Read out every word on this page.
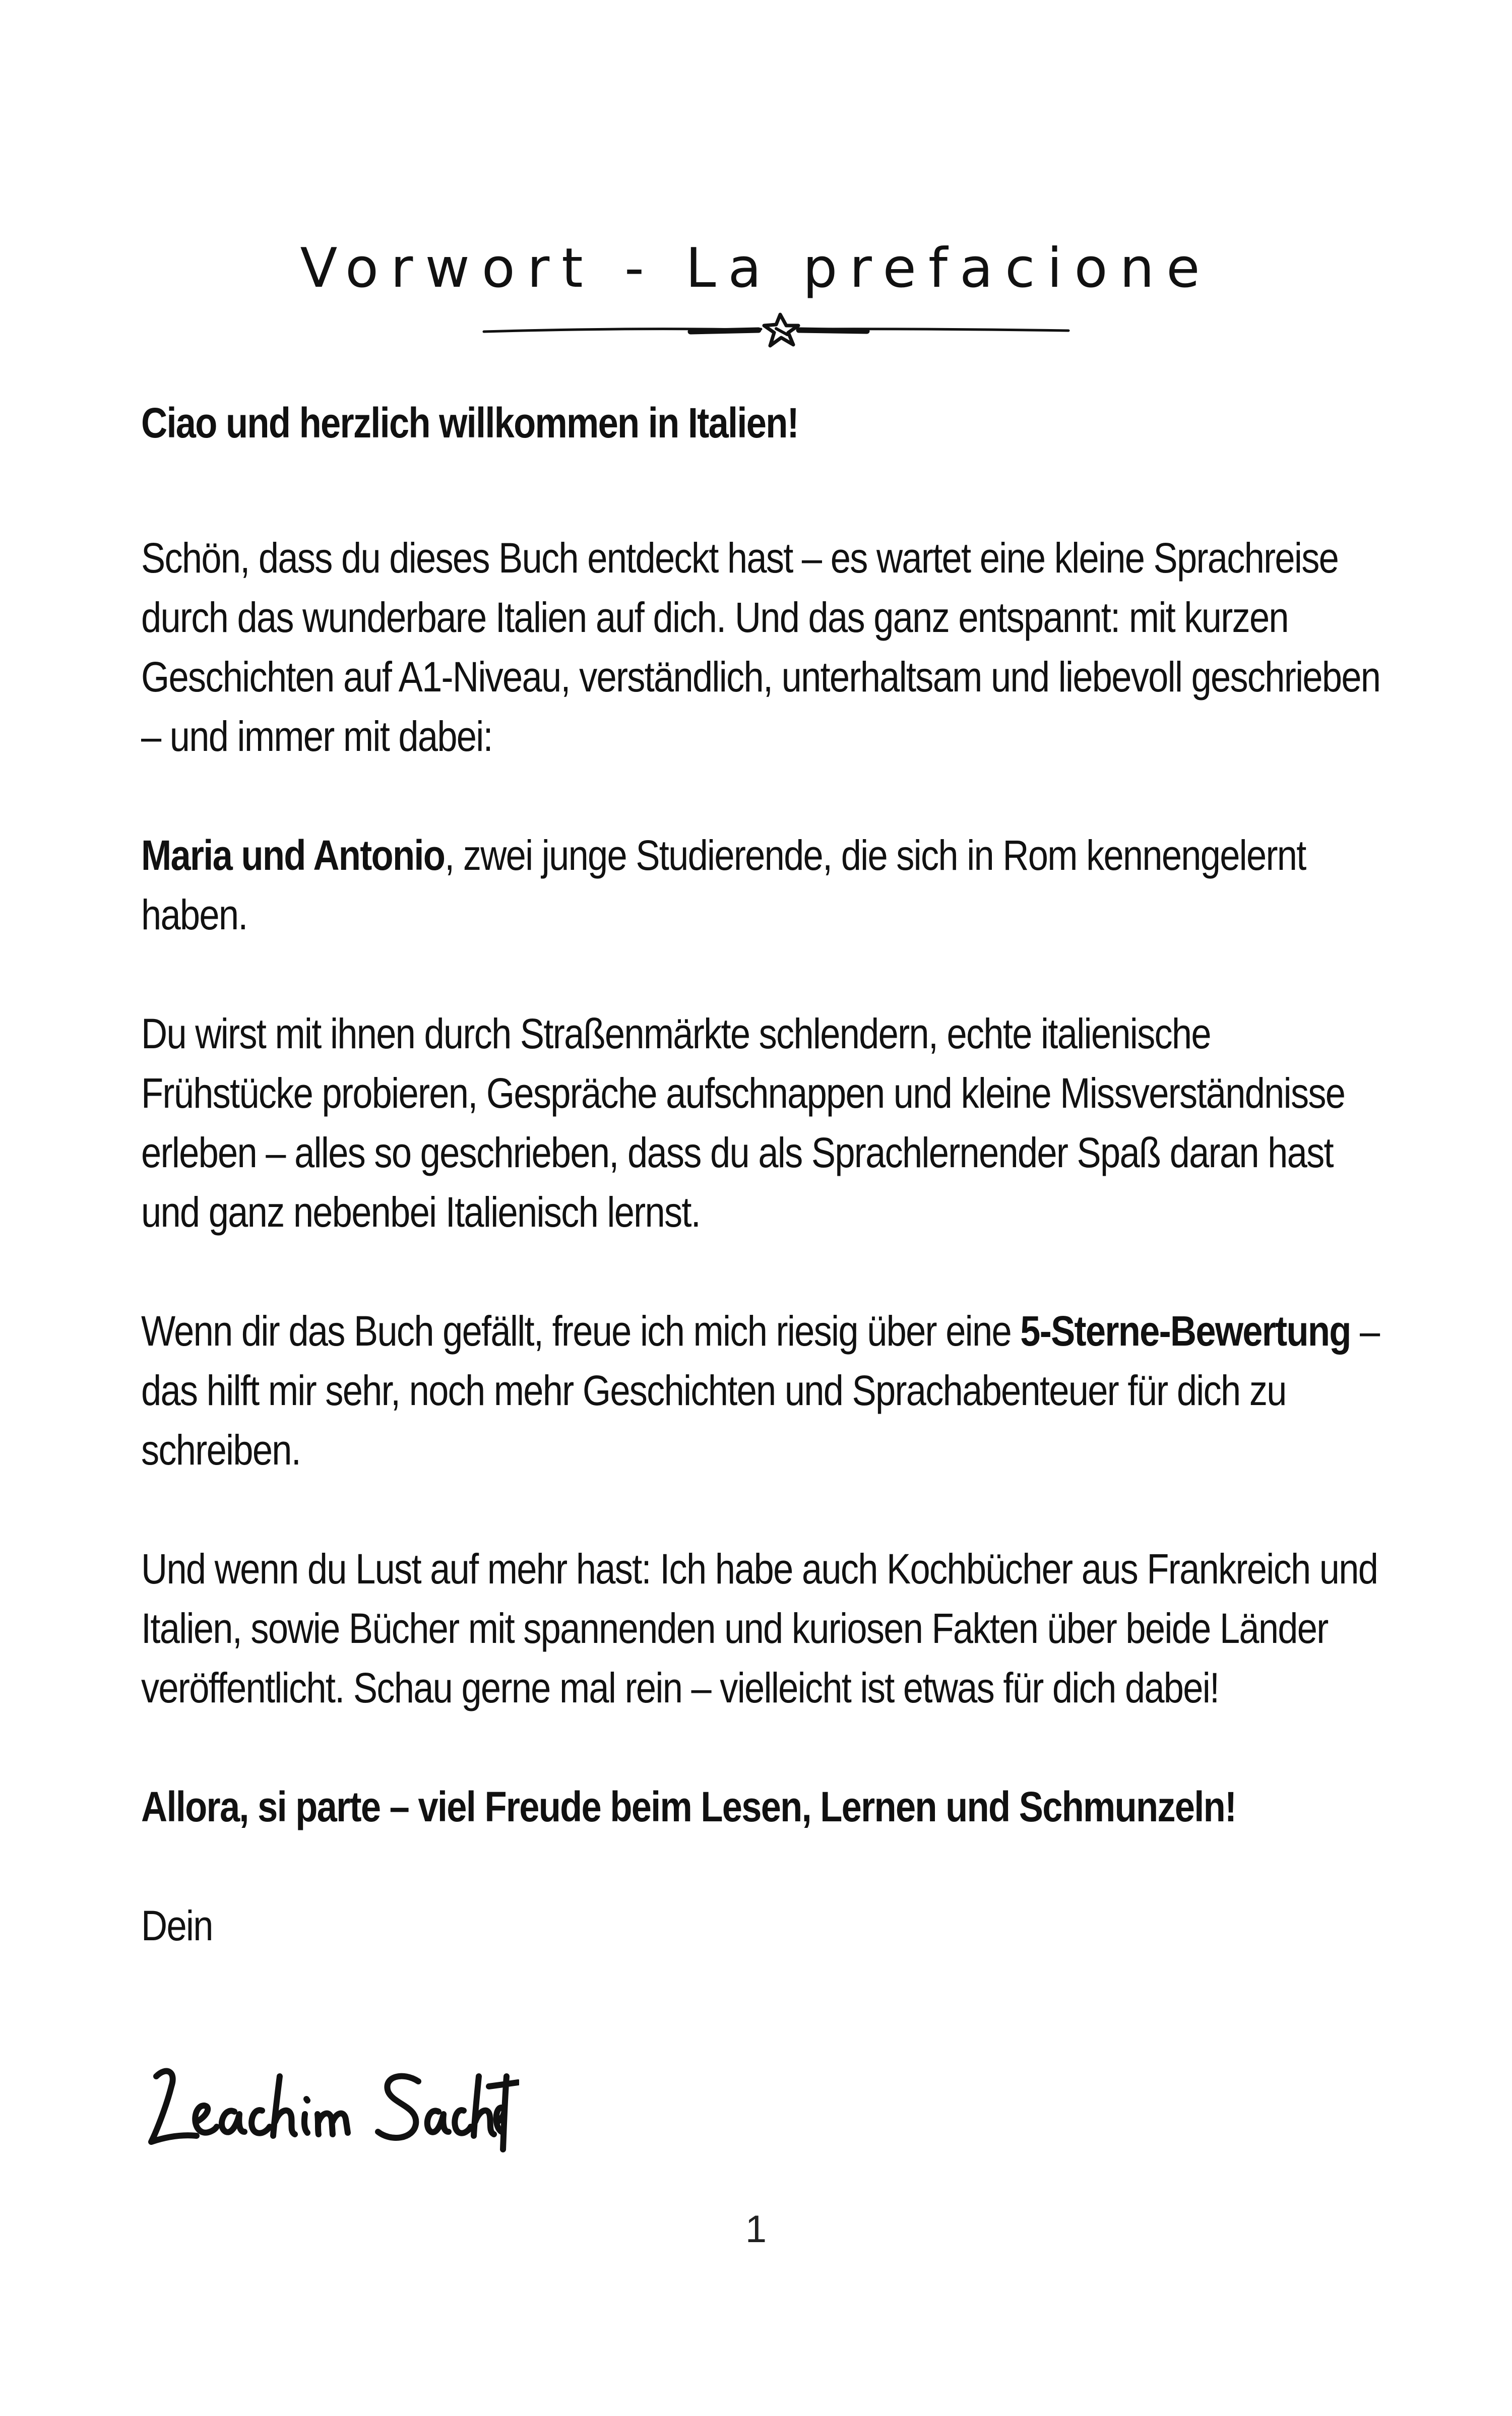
Vorwort - La prefacione

Ciao und herzlich willkommen in Italien!

Schön, dass du dieses Buch entdeckt hast – es wartet eine kleine Sprachreise durch das wunderbare Italien auf dich. Und das ganz entspannt: mit kurzen Geschichten auf A1-Niveau, verständlich, unterhaltsam und liebevoll geschrieben – und immer mit dabei:

Maria und Antonio, zwei junge Studierende, die sich in Rom kennengelernt haben.

Du wirst mit ihnen durch Straßenmärkte schlendern, echte italienische Frühstücke probieren, Gespräche aufschnappen und kleine Missverständnisse erleben – alles so geschrieben, dass du als Sprachlernender Spaß daran hast und ganz nebenbei Italienisch lernst.

Wenn dir das Buch gefällt, freue ich mich riesig über eine 5-Sterne-Bewertung – das hilft mir sehr, noch mehr Geschichten und Sprachabenteuer für dich zu schreiben.

Und wenn du Lust auf mehr hast: Ich habe auch Kochbücher aus Frankreich und Italien, sowie Bücher mit spannenden und kuriosen Fakten über beide Länder veröffentlicht. Schau gerne mal rein – vielleicht ist etwas für dich dabei!

Allora, si parte – viel Freude beim Lesen, Lernen und Schmunzeln!

Dein

1
